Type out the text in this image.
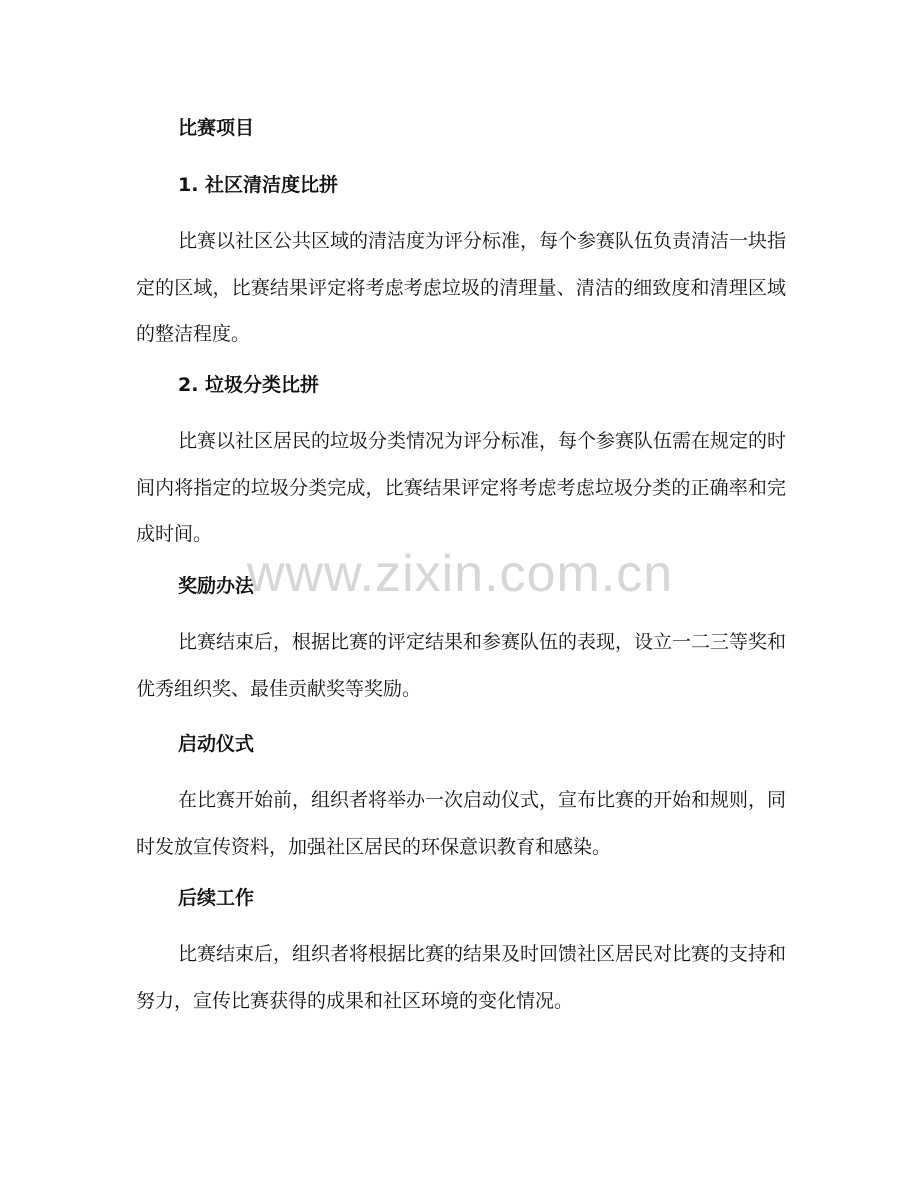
比赛项目
1. 社区清洁度比拼

比赛以社区公共区域的清洁度为评分标准，每个参赛队伍负责清洁一块指定的区域，比赛结果评定将考虑考虑垃圾的清理量、清洁的细致度和清理区域的整洁程度。

2. 垃圾分类比拼

比赛以社区居民的垃圾分类情况为评分标准，每个参赛队伍需在规定的时间内将指定的垃圾分类完成，比赛结果评定将考虑考虑垃圾分类的正确率和完成时间。

奖励办法

比赛结束后，根据比赛的评定结果和参赛队伍的表现，设立一二三等奖和优秀组织奖、最佳贡献奖等奖励。

启动仪式

在比赛开始前，组织者将举办一次启动仪式，宣布比赛的开始和规则，同时发放宣传资料，加强社区居民的环保意识教育和感染。

后续工作

比赛结束后，组织者将根据比赛的结果及时回馈社区居民对比赛的支持和努力，宣传比赛获得的成果和社区环境的变化情况。

www.zixin.com.cn
